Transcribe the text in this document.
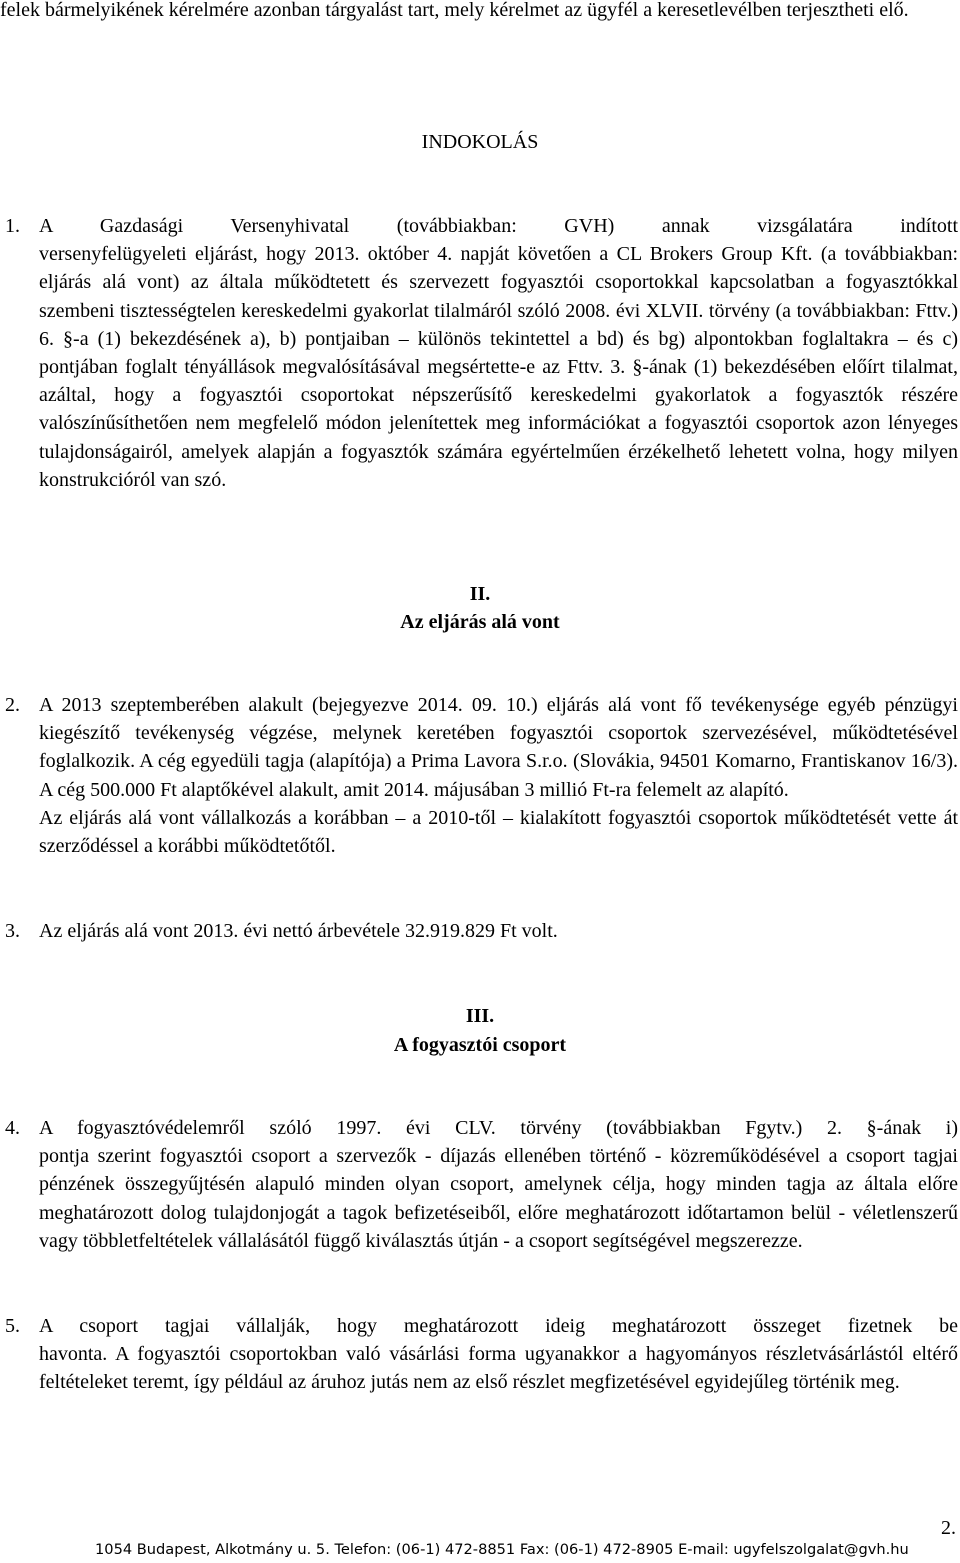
felek bármelyikének kérelmére azonban tárgyalást tart, mely kérelmet az ügyfél a keresetlevélben terjesztheti elő.

INDOKOLÁS

1. A Gazdasági Versenyhivatal (továbbiakban: GVH) annak vizsgálatára indított

versenyfelügyeleti eljárást, hogy 2013. október 4. napját követően a CL Brokers Group Kft. (a továbbiakban: eljárás alá vont) az általa működtetett és szervezett fogyasztói csoportokkal kapcsolatban a fogyasztókkal szembeni tisztességtelen kereskedelmi gyakorlat tilalmáról szóló 2008. évi XLVII. törvény (a továbbiakban: Fttv.) 6. §-a (1) bekezdésének a), b) pontjaiban – különös tekintettel a bd) és bg) alpontokban foglaltakra – és c) pontjában foglalt tényállások megvalósításával megsértette-e az Fttv. 3. §-ának (1) bekezdésében előírt tilalmat, azáltal, hogy a fogyasztói csoportokat népszerűsítő kereskedelmi gyakorlatok a fogyasztók részére valószínűsíthetően nem megfelelő módon jelenítettek meg információkat a fogyasztói csoportok azon lényeges tulajdonságairól, amelyek alapján a fogyasztók számára egyértelműen érzékelhető lehetett volna, hogy milyen konstrukcióról van szó.

II.

Az eljárás alá vont

2. A 2013 szeptemberében alakult (bejegyezve 2014. 09. 10.) eljárás alá vont fő tevékenysége egyéb pénzügyi kiegészítő tevékenység végzése, melynek keretében fogyasztói csoportok szervezésével, működtetésével foglalkozik. A cég egyedüli tagja (alapítója) a Prima Lavora S.r.o. (Slovákia, 94501 Komarno, Frantiskanov 16/3). A cég 500.000 Ft alaptőkével alakult, amit 2014. májusában 3 millió Ft-ra felemelt az alapító.

Az eljárás alá vont vállalkozás a korábban – a 2010-től – kialakított fogyasztói csoportok működtetését vette át szerződéssel a korábbi működtetőtől.

3. Az eljárás alá vont 2013. évi nettó árbevétele 32.919.829 Ft volt.

III.

A fogyasztói csoport

4. A fogyasztóvédelemről szóló 1997. évi CLV. törvény (továbbiakban Fgytv.) 2. §-ának i)

pontja szerint fogyasztói csoport a szervezők - díjazás ellenében történő - közreműködésével a csoport tagjai pénzének összegyűjtésén alapuló minden olyan csoport, amelynek célja, hogy minden tagja az általa előre meghatározott dolog tulajdonjogát a tagok befizetéseiből, előre meghatározott időtartamon belül - véletlenszerű vagy többletfeltételek vállalásától függő kiválasztás útján - a csoport segítségével megszerezze.

5. A csoport tagjai vállalják, hogy meghatározott ideig meghatározott összeget fizetnek be

havonta. A fogyasztói csoportokban való vásárlási forma ugyanakkor a hagyományos részletvásárlástól eltérő feltételeket teremt, így például az áruhoz jutás nem az első részlet megfizetésével egyidejűleg történik meg.

2.
1054 Budapest, Alkotmány u. 5. Telefon: (06-1) 472-8851 Fax: (06-1) 472-8905 E-mail: ugyfelszolgalat@gvh.hu
